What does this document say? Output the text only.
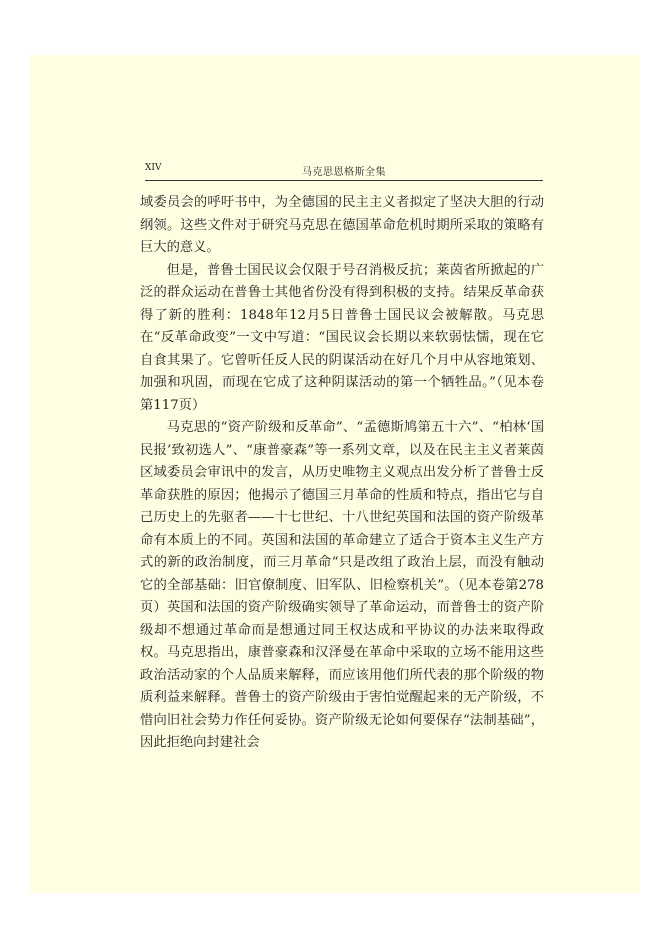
XIV	马克思恩格斯全集

域委员会的呼吁书中，为全德国的民主主义者拟定了坚决大胆的行动纲领。这些文件对于研究马克思在德国革命危机时期所采取的策略有巨大的意义。

但是，普鲁士国民议会仅限于号召消极反抗；莱茵省所掀起的广泛的群众运动在普鲁士其他省份没有得到积极的支持。结果反革命获得了新的胜利：1848年12月5日普鲁士国民议会被解散。马克思在“反革命政变”一文中写道：“国民议会长期以来软弱怯懦，现在它自食其果了。它曾听任反人民的阴谋活动在好几个月中从容地策划、加强和巩固，而现在它成了这种阴谋活动的第一个牺牲品。”（见本卷第117页）

马克思的“资产阶级和反革命”、“孟德斯鸠第五十六”、“柏林‘国民报’致初选人”、“康普豪森”等一系列文章，以及在民主主义者莱茵区域委员会审讯中的发言，从历史唯物主义观点出发分析了普鲁士反革命获胜的原因；他揭示了德国三月革命的性质和特点，指出它与自己历史上的先驱者——十七世纪、十八世纪英国和法国的资产阶级革命有本质上的不同。英国和法国的革命建立了适合于资本主义生产方式的新的政治制度，而三月革命“只是改组了政治上层，而没有触动它的全部基础：旧官僚制度、旧军队、旧检察机关”。（见本卷第278页）英国和法国的资产阶级确实领导了革命运动，而普鲁士的资产阶级却不想通过革命而是想通过同王权达成和平协议的办法来取得政权。马克思指出，康普豪森和汉泽曼在革命中采取的立场不能用这些政治活动家的个人品质来解释，而应该用他们所代表的那个阶级的物质利益来解释。普鲁士的资产阶级由于害怕觉醒起来的无产阶级，不惜向旧社会势力作任何妥协。资产阶级无论如何要保存“法制基础”，因此拒绝向封建社会
